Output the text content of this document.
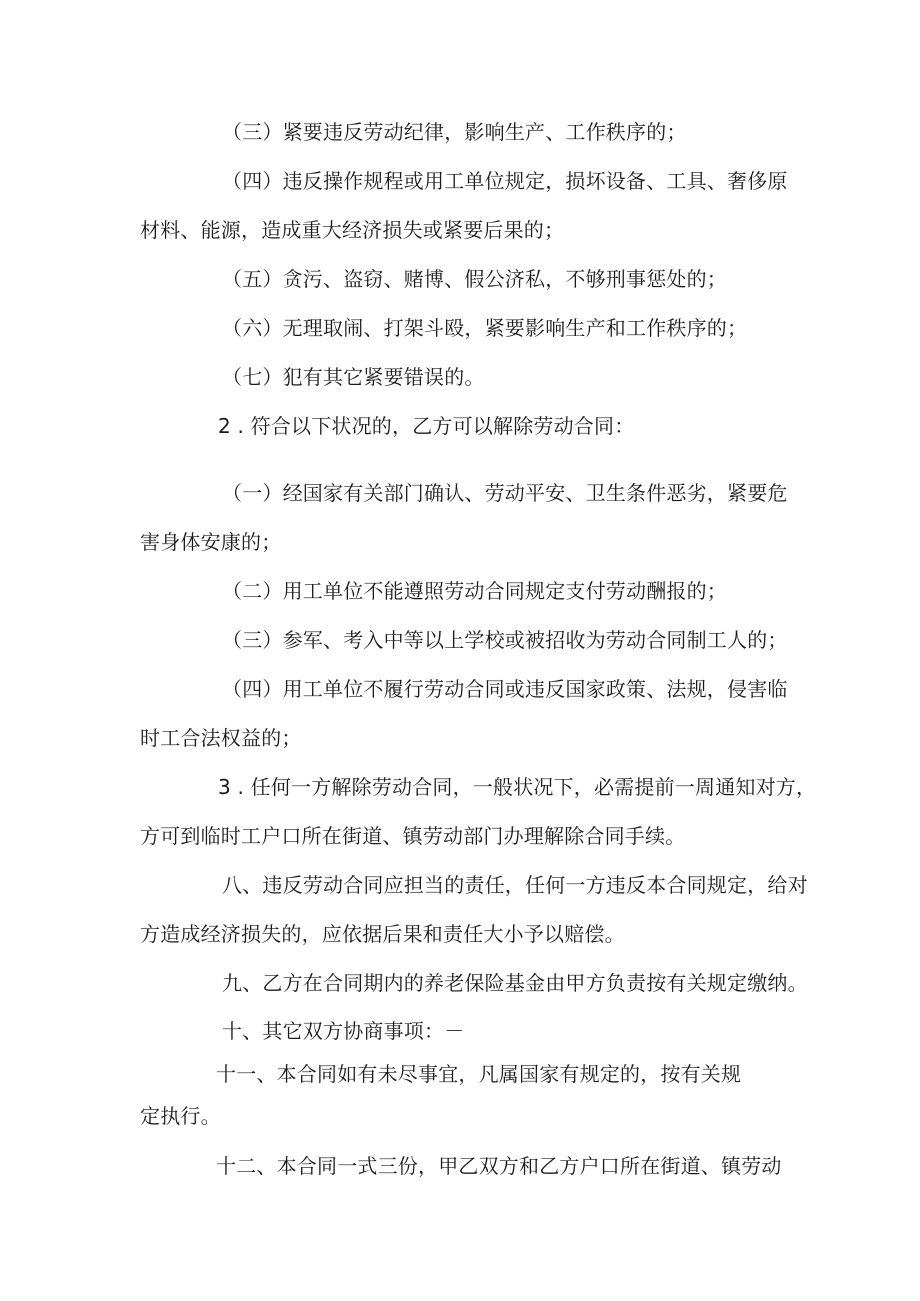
（三）紧要违反劳动纪律，影响生产、工作秩序的；
（四）违反操作规程或用工单位规定，损坏设备、工具、奢侈原
材料、能源，造成重大经济损失或紧要后果的；
（五）贪污、盗窃、赌博、假公济私，不够刑事惩处的；
（六）无理取闹、打架斗殴，紧要影响生产和工作秩序的；
（七）犯有其它紧要错误的。
2 . 符合以下状况的，乙方可以解除劳动合同：
（一）经国家有关部门确认、劳动平安、卫生条件恶劣，紧要危
害身体安康的；
（二）用工单位不能遵照劳动合同规定支付劳动酬报的；
（三）参军、考入中等以上学校或被招收为劳动合同制工人的；
（四）用工单位不履行劳动合同或违反国家政策、法规，侵害临
时工合法权益的；
3 . 任何一方解除劳动合同，一般状况下，必需提前一周通知对方，
方可到临时工户口所在街道、镇劳动部门办理解除合同手续。
八、违反劳动合同应担当的责任，任何一方违反本合同规定，给对
方造成经济损失的，应依据后果和责任大小予以赔偿。
九、乙方在合同期内的养老保险基金由甲方负责按有关规定缴纳。
十、其它双方协商事项：－
十一、本合同如有未尽事宜，凡属国家有规定的，按有关规
定执行。
十二、本合同一式三份，甲乙双方和乙方户口所在街道、镇劳动
